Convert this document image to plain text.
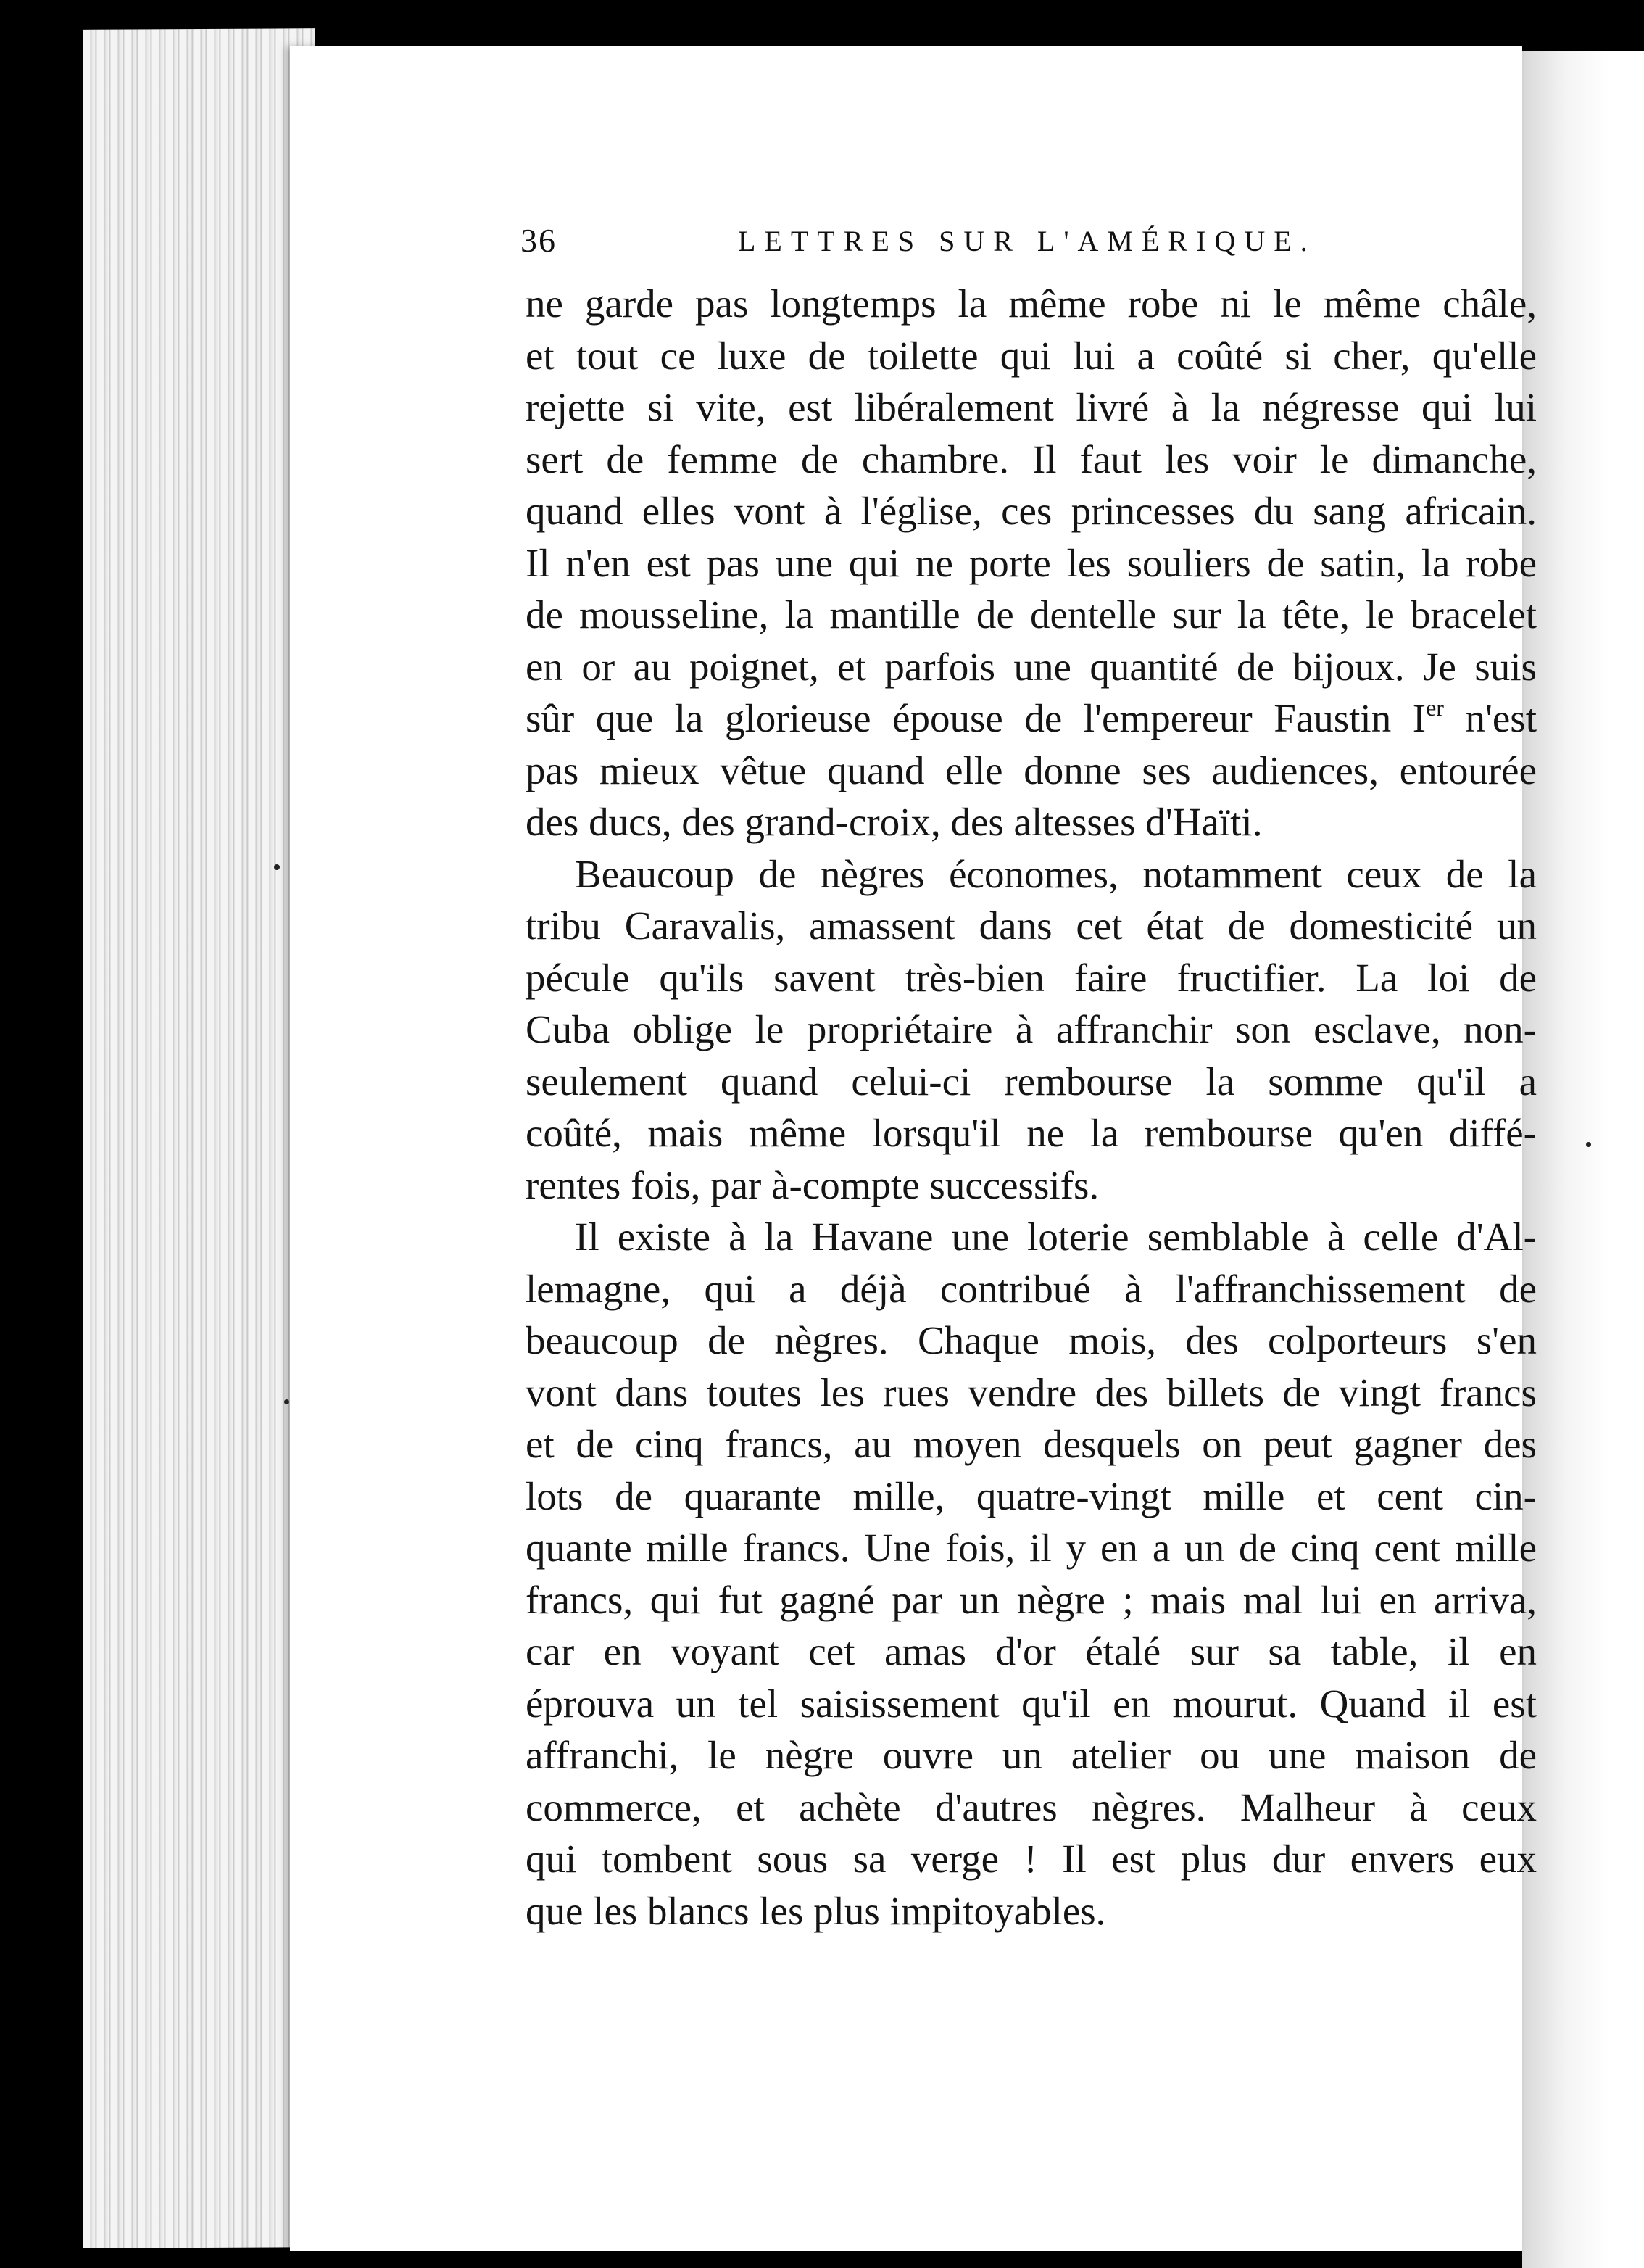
36	LETTRES SUR L'AMÉRIQUE.
ne garde pas longtemps la même robe ni le même châle,
et tout ce luxe de toilette qui lui a coûté si cher, qu'elle
rejette si vite, est libéralement livré à la négresse qui lui
sert de femme de chambre. Il faut les voir le dimanche,
quand elles vont à l'église, ces princesses du sang africain.
Il n'en est pas une qui ne porte les souliers de satin, la robe
de mousseline, la mantille de dentelle sur la tête, le bracelet
en or au poignet, et parfois une quantité de bijoux. Je suis
sûr que la glorieuse épouse de l'empereur Faustin Ier n'est
pas mieux vêtue quand elle donne ses audiences, entourée
des ducs, des grand-croix, des altesses d'Haïti.
Beaucoup de nègres économes, notamment ceux de la
tribu Caravalis, amassent dans cet état de domesticité un
pécule qu'ils savent très-bien faire fructifier. La loi de
Cuba oblige le propriétaire à affranchir son esclave, non-
seulement quand celui-ci rembourse la somme qu'il a
coûté, mais même lorsqu'il ne la rembourse qu'en diffé-
rentes fois, par à-compte successifs.
Il existe à la Havane une loterie semblable à celle d'Al-
lemagne, qui a déjà contribué à l'affranchissement de
beaucoup de nègres. Chaque mois, des colporteurs s'en
vont dans toutes les rues vendre des billets de vingt francs
et de cinq francs, au moyen desquels on peut gagner des
lots de quarante mille, quatre-vingt mille et cent cin-
quante mille francs. Une fois, il y en a un de cinq cent mille
francs, qui fut gagné par un nègre ; mais mal lui en arriva,
car en voyant cet amas d'or étalé sur sa table, il en
éprouva un tel saisissement qu'il en mourut. Quand il est
affranchi, le nègre ouvre un atelier ou une maison de
commerce, et achète d'autres nègres. Malheur à ceux
qui tombent sous sa verge ! Il est plus dur envers eux
que les blancs les plus impitoyables.
